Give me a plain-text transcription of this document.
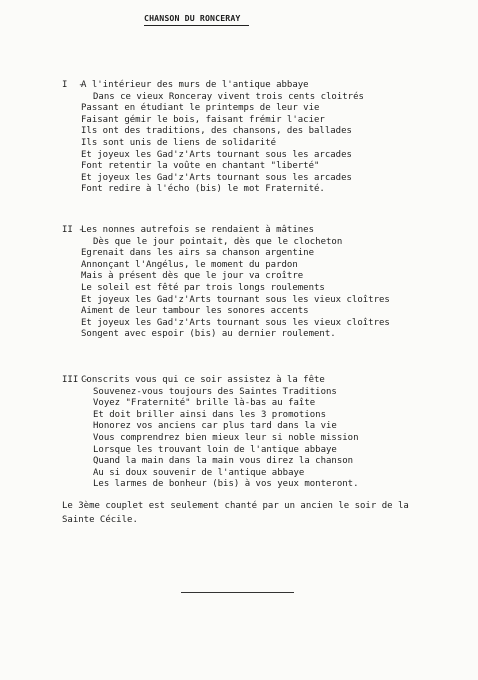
CHANSON DU RONCERAY
I  -
A l'intérieur des murs de l'antique abbaye
Dans ce vieux Ronceray vivent trois cents cloitrés
Passant en étudiant le printemps de leur vie
Faisant gémir le bois, faisant frémir l'acier
Ils ont des traditions, des chansons, des ballades
Ils sont unis de liens de solidarité
Et joyeux les Gad'z'Arts tournant sous les arcades
Font retentir la voûte en chantant "liberté"
Et joyeux les Gad'z'Arts tournant sous les arcades
Font redire à l'écho (bis) le mot Fraternité.
II -
Les nonnes autrefois se rendaient à mâtines
Dès que le jour pointait, dès que le clocheton
Egrenait dans les airs sa chanson argentine
Annonçant l'Angélus, le moment du pardon
Mais à présent dès que le jour va croître
Le soleil est fêté par trois longs roulements
Et joyeux les Gad'z'Arts tournant sous les vieux cloîtres
Aiment de leur tambour les sonores accents
Et joyeux les Gad'z'Arts tournant sous les vieux cloîtres
Songent avec espoir (bis) au dernier roulement.
III -
Conscrits vous qui ce soir assistez à la fête
Souvenez-vous toujours des Saintes Traditions
Voyez "Fraternité" brille là-bas au faîte
Et doit briller ainsi dans les 3 promotions
Honorez vos anciens car plus tard dans la vie
Vous comprendrez bien mieux leur si noble mission
Lorsque les trouvant loin de l'antique abbaye
Quand la main dans la main vous direz la chanson
Au si doux souvenir de l'antique abbaye
Les larmes de bonheur (bis) à vos yeux monteront.
Le 3ème couplet est seulement chanté par un ancien le soir de la
Sainte Cécile.
